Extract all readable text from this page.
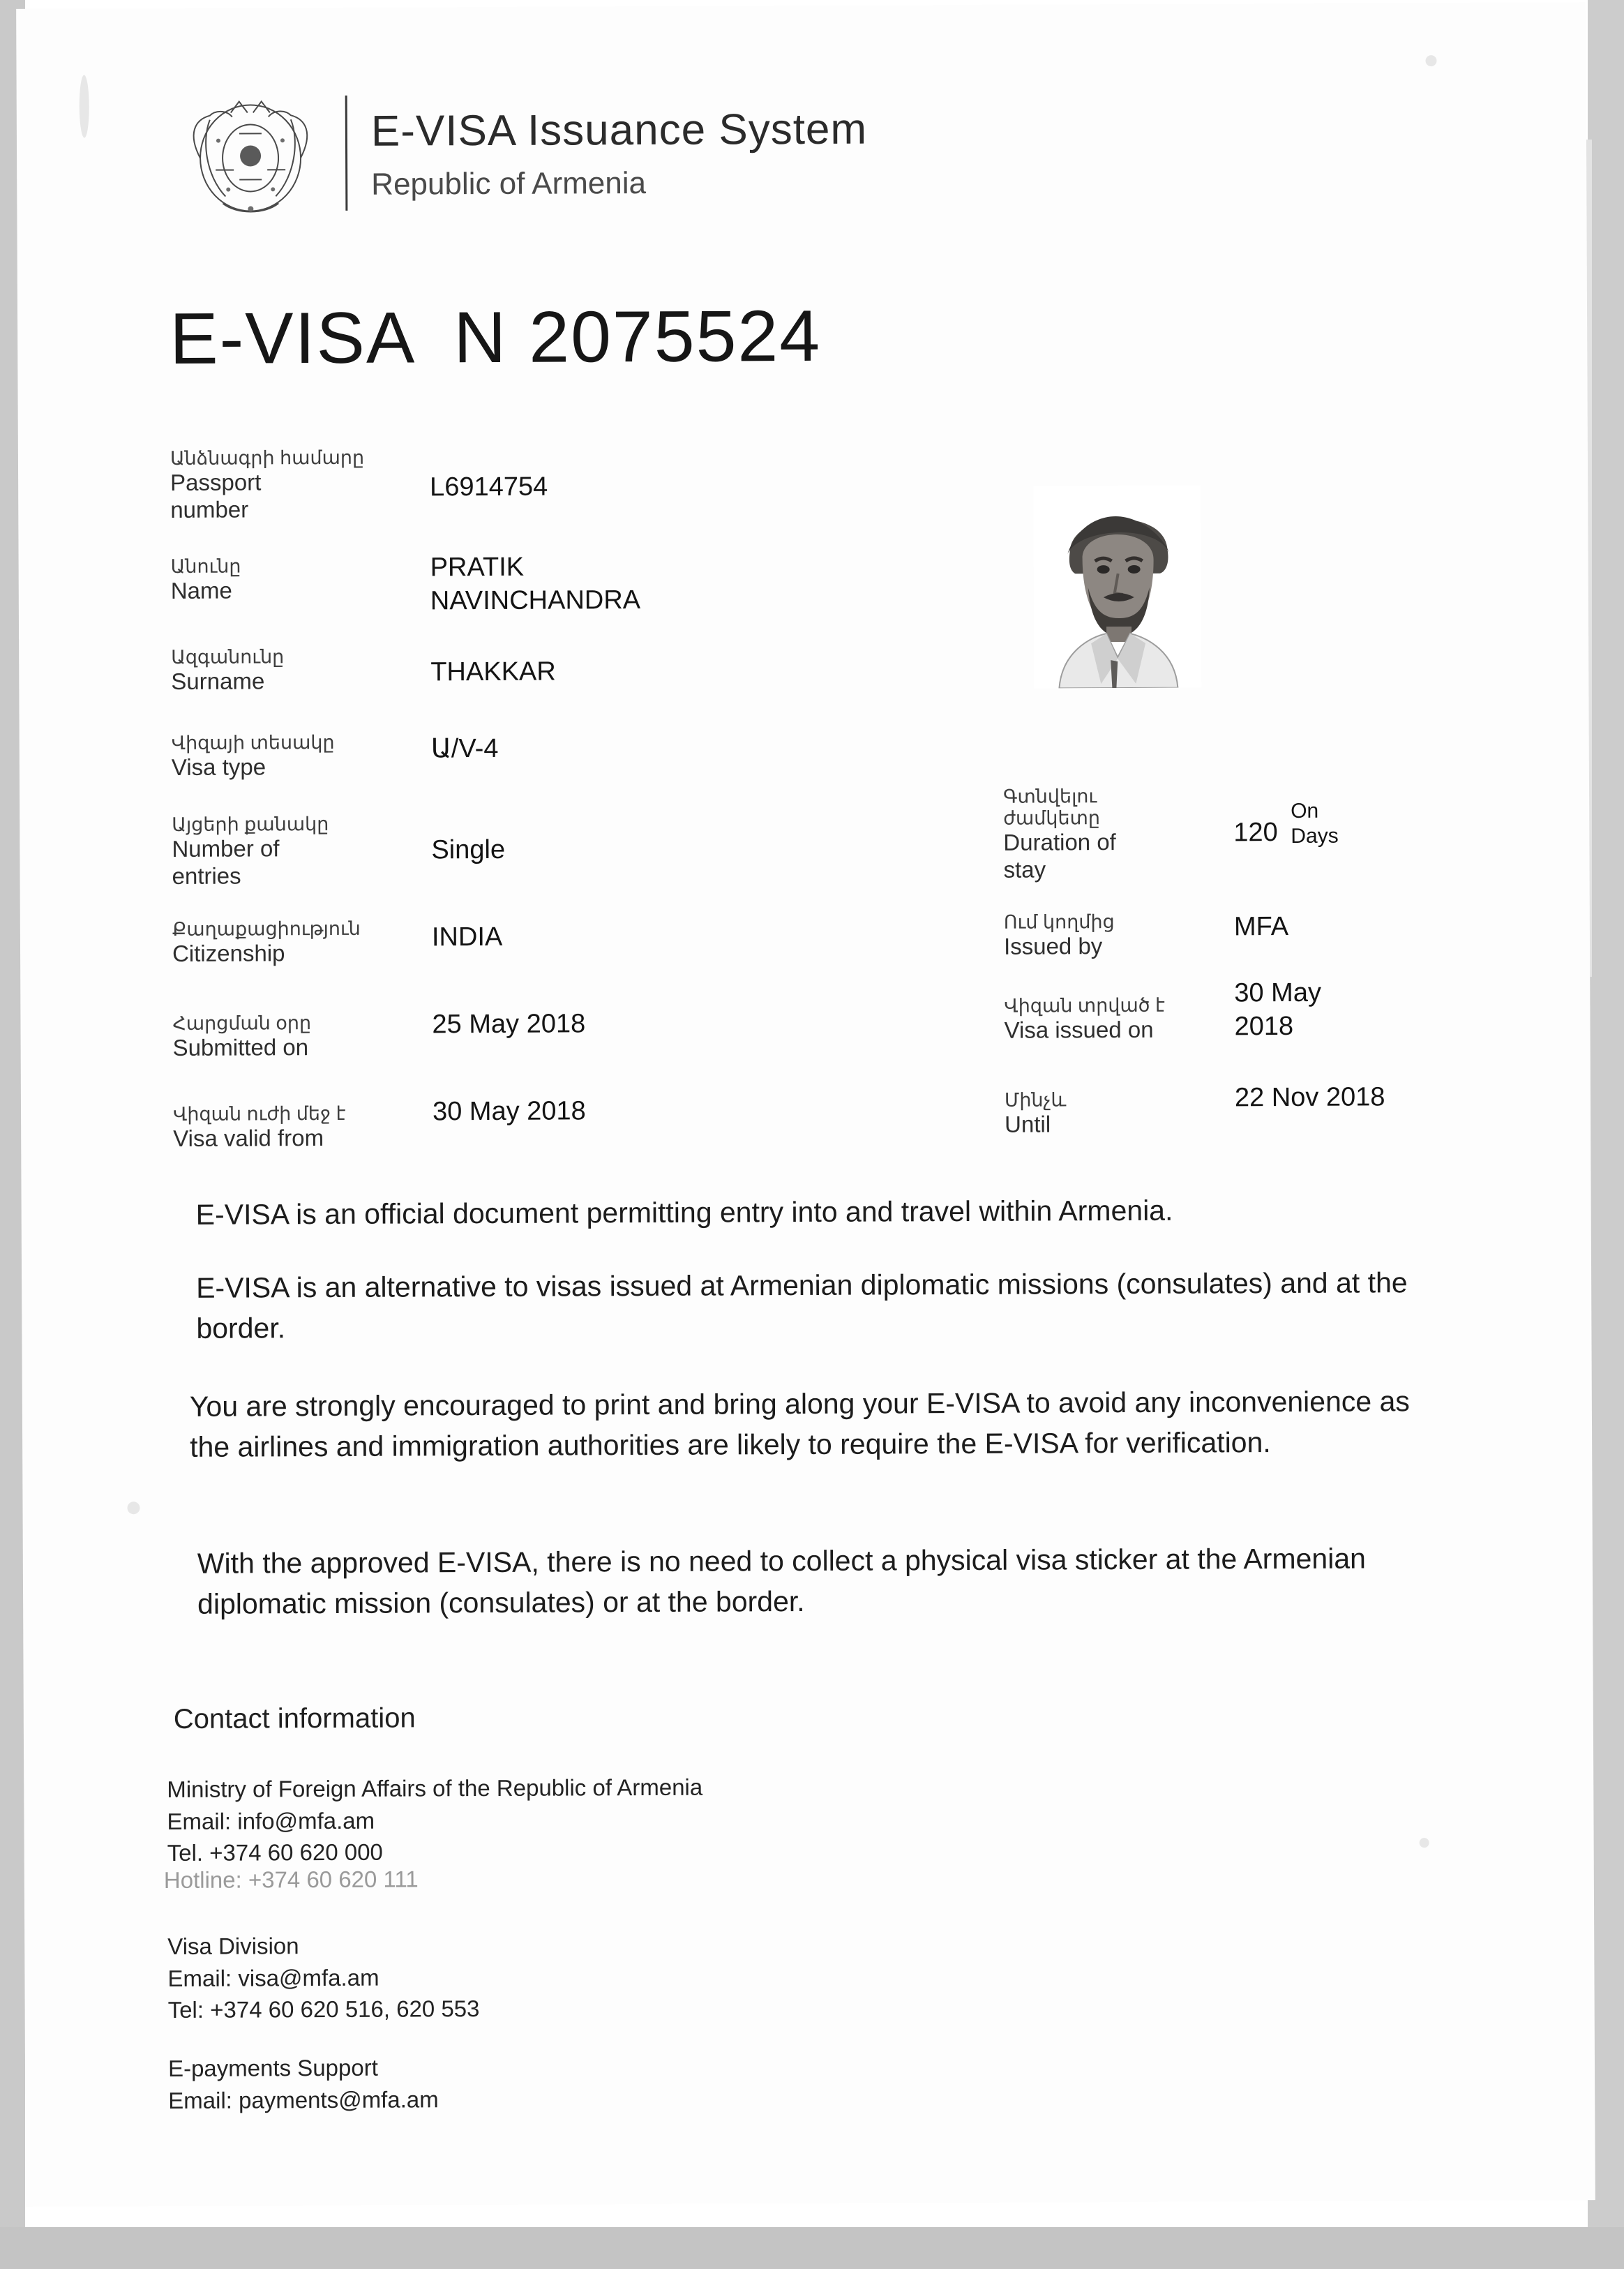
E-VISA Issuance System
Republic of Armenia
E-VISA N 2075524
Անձնագրի համարը
Passport
number
L6914754
Անունը
Name
PRATIK
NAVINCHANDRA
Ազգանունը
Surname	THAKKAR
Վիզայի տեսակը
Visa type
Ա/V-4
Այցերի քանակը
Number of
entries
Single
Քաղաքացիություն
Citizenship
INDIA
Հարցման օրը
Submitted on
25 May 2018
Վիզան ուժի մեջ է
Visa valid from
30 May 2018
Գտնվելու
ժամկետը
Duration of
stay
120
On
Days
Ում կողմից
Issued by
MFA
Վիզան տրված է
Visa issued on
30 May
2018
Մինչև
Until
22 Nov 2018
E-VISA is an official document permitting entry into and travel within Armenia.
E-VISA is an alternative to visas issued at Armenian diplomatic missions (consulates) and at the border.
You are strongly encouraged to print and bring along your E-VISA to avoid any inconvenience as the airlines and immigration authorities are likely to require the E-VISA for verification.
With the approved E-VISA, there is no need to collect a physical visa sticker at the Armenian diplomatic mission (consulates) or at the border.
Contact information
Ministry of Foreign Affairs of the Republic of Armenia
Email: info@mfa.am
Tel. +374 60 620 000
Hotline: +374 60 620 111
Visa Division
Email: visa@mfa.am
Tel: +374 60 620 516, 620 553
E-payments Support
Email: payments@mfa.am
